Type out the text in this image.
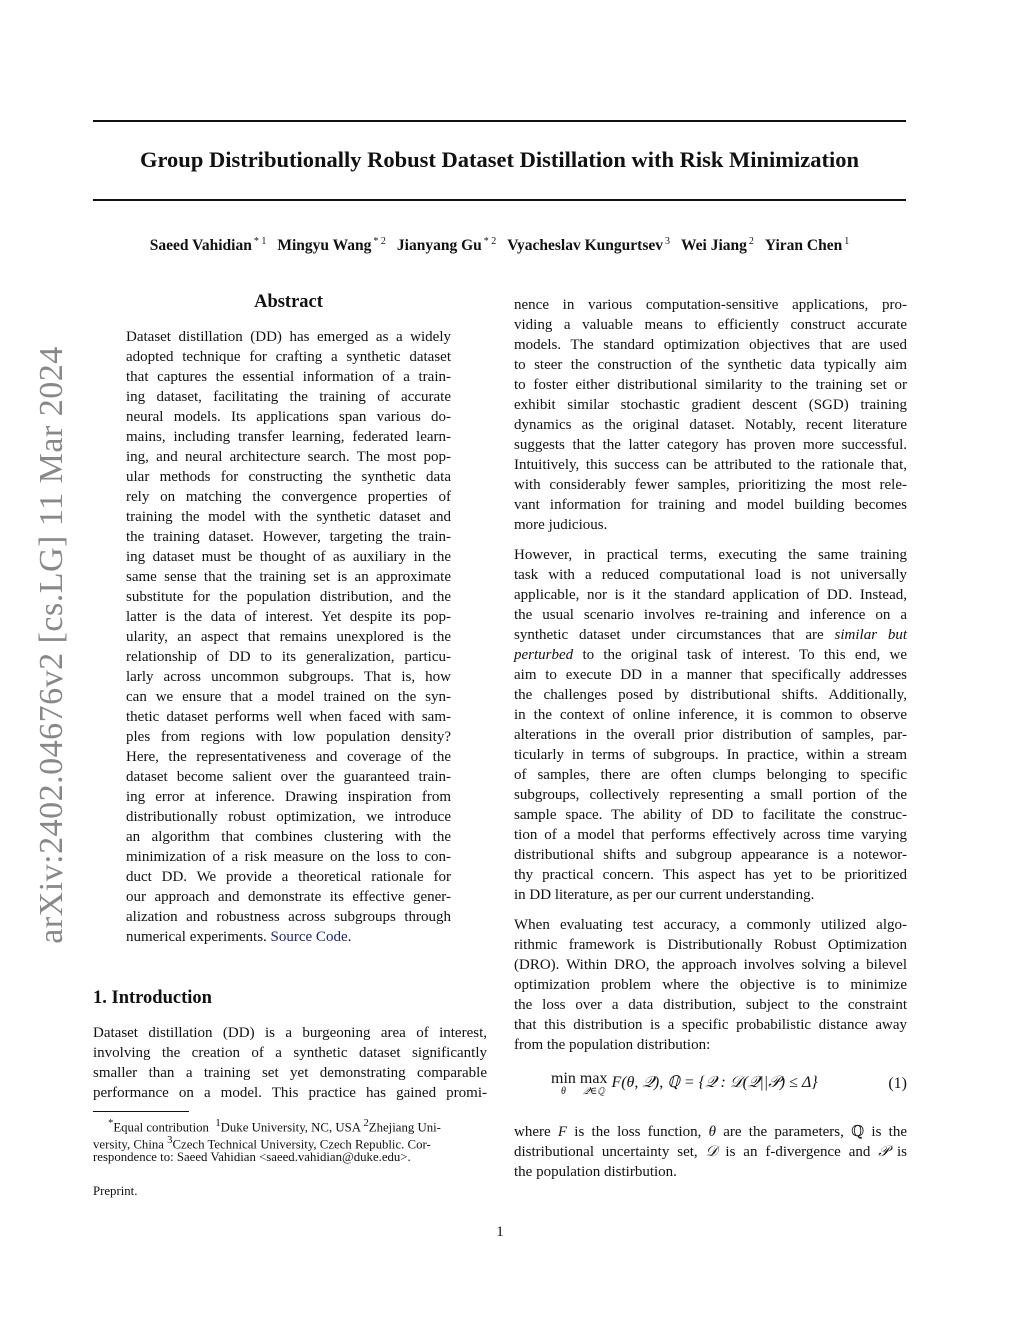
Group Distributionally Robust Dataset Distillation with Risk Minimization
Saeed Vahidian $^{* 1}$ Mingyu Wang $^{* 2}$ Jianyang Gu $^{* 2}$ Vyacheslav Kungurtsev $^3$ Wei Jiang $^2$ Yiran Chen $^1$
arXiv:2402.04676v2 [cs.LG] 11 Mar 2024
Abstract
Dataset distillation (DD) has emerged as a widely
adopted technique for crafting a synthetic dataset
that captures the essential information of a train-
ing dataset, facilitating the training of accurate
neural models. Its applications span various do-
mains, including transfer learning, federated learn-
ing, and neural architecture search. The most pop-
ular methods for constructing the synthetic data
rely on matching the convergence properties of
training the model with the synthetic dataset and
the training dataset. However, targeting the train-
ing dataset must be thought of as auxiliary in the
same sense that the training set is an approximate
substitute for the population distribution, and the
latter is the data of interest. Yet despite its pop-
ularity, an aspect that remains unexplored is the
relationship of DD to its generalization, particu-
larly across uncommon subgroups. That is, how
can we ensure that a model trained on the syn-
thetic dataset performs well when faced with sam-
ples from regions with low population density?
Here, the representativeness and coverage of the
dataset become salient over the guaranteed train-
ing error at inference. Drawing inspiration from
distributionally robust optimization, we introduce
an algorithm that combines clustering with the
minimization of a risk measure on the loss to con-
duct DD. We provide a theoretical rationale for
our approach and demonstrate its effective gener-
alization and robustness across subgroups through
numerical experiments. Source Code.
1. Introduction
Dataset distillation (DD) is a burgeoning area of interest,
involving the creation of a synthetic dataset significantly
smaller than a training set yet demonstrating comparable
performance on a model. This practice has gained promi-
*Equal contribution $^1$Duke University, NC, USA $^2$Zhejiang Uni-
versity, China $^3$Czech Technical University, Czech Republic. Cor-
respondence to: Saeed Vahidian <saeed.vahidian@duke.edu>.
Preprint.
nence in various computation-sensitive applications, pro-
viding a valuable means to efficiently construct accurate
models. The standard optimization objectives that are used
to steer the construction of the synthetic data typically aim
to foster either distributional similarity to the training set or
exhibit similar stochastic gradient descent (SGD) training
dynamics as the original dataset. Notably, recent literature
suggests that the latter category has proven more successful.
Intuitively, this success can be attributed to the rationale that,
with considerably fewer samples, prioritizing the most rele-
vant information for training and model building becomes
more judicious.
However, in practical terms, executing the same training
task with a reduced computational load is not universally
applicable, nor is it the standard application of DD. Instead,
the usual scenario involves re-training and inference on a
synthetic dataset under circumstances that are similar but
perturbed to the original task of interest. To this end, we
aim to execute DD in a manner that specifically addresses
the challenges posed by distributional shifts. Additionally,
in the context of online inference, it is common to observe
alterations in the overall prior distribution of samples, par-
ticularly in terms of subgroups. In practice, within a stream
of samples, there are often clumps belonging to specific
subgroups, collectively representing a small portion of the
sample space. The ability of DD to facilitate the construc-
tion of a model that performs effectively across time varying
distributional shifts and subgroup appearance is a notewor-
thy practical concern. This aspect has yet to be prioritized
in DD literature, as per our current understanding.
When evaluating test accuracy, a commonly utilized algo-
rithmic framework is Distributionally Robust Optimization
(DRO). Within DRO, the approach involves solving a bilevel
optimization problem where the objective is to minimize
the loss over a data distribution, subject to the constraint
that this distribution is a specific probabilistic distance away
from the population distribution:
min
θ
max
𝒬∈ℚ
F(θ, 𝒬), ℚ = {𝒬 : 𝒟(𝒬||𝒫) ≤ Δ}	(1)
where F is the loss function, θ are the parameters, ℚ is the
distributional uncertainty set, 𝒟 is an f-divergence and 𝒫 is
the population distirbution.
1
